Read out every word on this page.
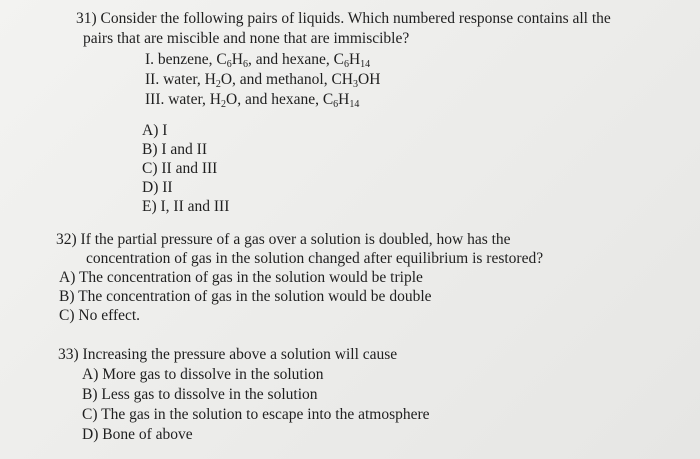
31) Consider the following pairs of liquids. Which numbered response contains all the
pairs that are miscible and none that are immiscible?
I. benzene, $C_6H_6$, and hexane, $C_6H_{14}$
II. water, $H_2O$, and methanol, $CH_3OH$
III. water, $H_2O$, and hexane, $C_6H_{14}$
A) I
B) I and II
C) II and III
D) II
E) I, II and III
32) If the partial pressure of a gas over a solution is doubled, how has the
concentration of gas in the solution changed after equilibrium is restored?
A) The concentration of gas in the solution would be triple
B) The concentration of gas in the solution would be double
C) No effect.
33) Increasing the pressure above a solution will cause
A) More gas to dissolve in the solution
B) Less gas to dissolve in the solution
C) The gas in the solution to escape into the atmosphere
D) Bone of above
